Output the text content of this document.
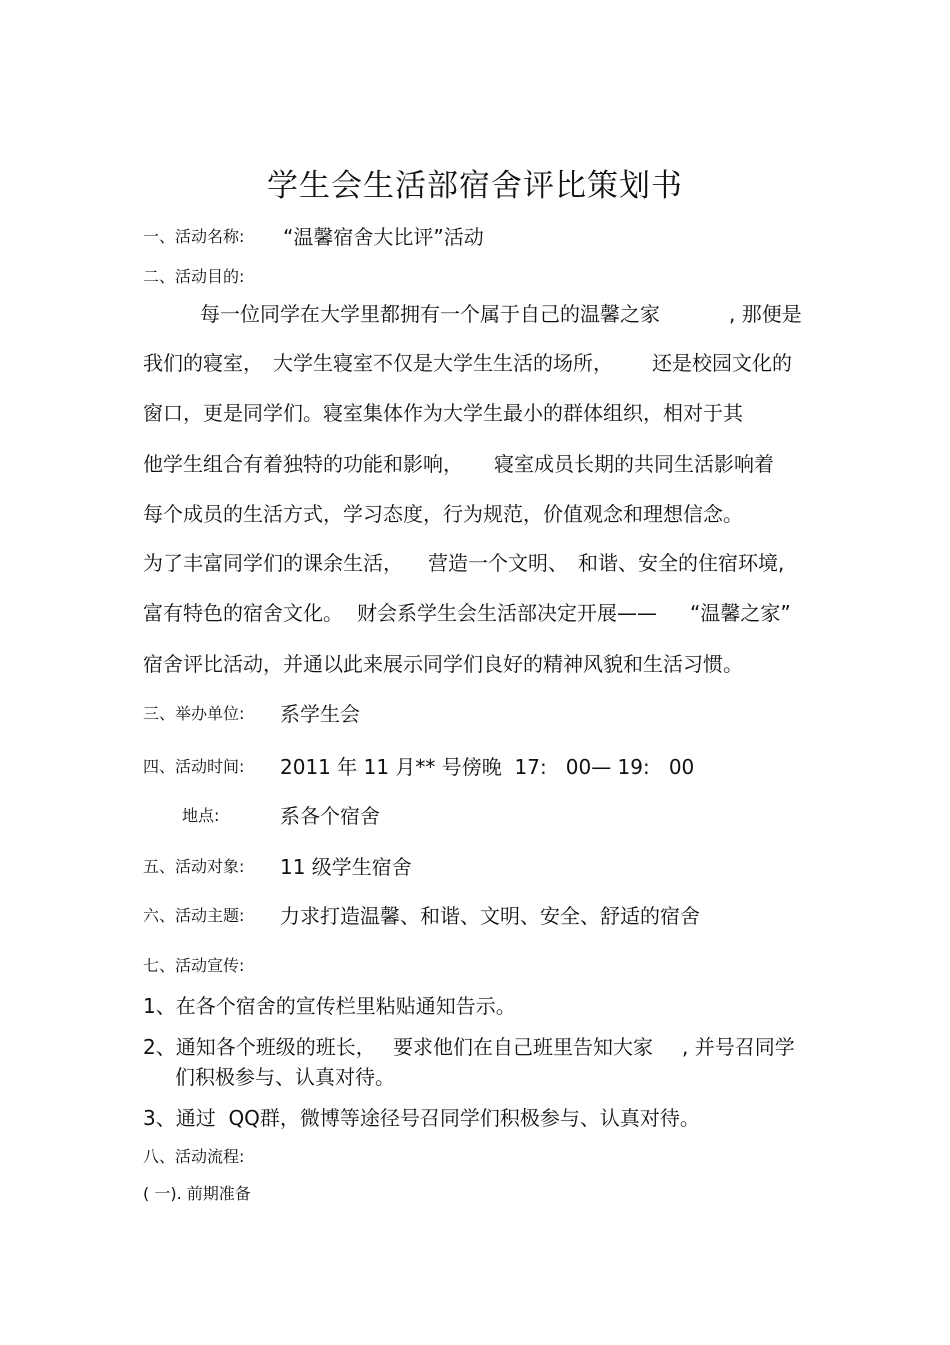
学生会生活部宿舍评比策划书
一、活动名称: “温馨宿舍大比评”活动
二、活动目的:
每一位同学在大学里都拥有一个属于自己的温馨之家	, 那便是
我们的寝室， 大学生寝室不仅是大学生生活的场所， 还是校园文化的
窗口，更是同学们。寝室集体作为大学生最小的群体组织，相对于其
他学生组合有着独特的功能和影响， 寝室成员长期的共同生活影响着
每个成员的生活方式，学习态度，行为规范，价值观念和理想信念。
为了丰富同学们的课余生活， 营造一个文明、 和谐、安全的住宿环境,
富有特色的宿舍文化。 财会系学生会生活部决定开展—— “温馨之家”
宿舍评比活动，并通以此来展示同学们良好的精神风貌和生活习惯。
三、举办单位: 系学生会
四、活动时间: 2011 年 11 月** 号傍晚  17:   00— 19:   00
地点:	系各个宿舍
五、活动对象: 11 级学生宿舍
六、活动主题: 力求打造温馨、和谐、文明、安全、舒适的宿舍
七、活动宣传:
1、在各个宿舍的宣传栏里粘贴通知告示。
2、通知各个班级的班长， 要求他们在自己班里告知大家 , 并号召同学
们积极参与、认真对待。
3、通过  QQ群，微博等途径号召同学们积极参与、认真对待。
八、活动流程:
( 一). 前期准备
